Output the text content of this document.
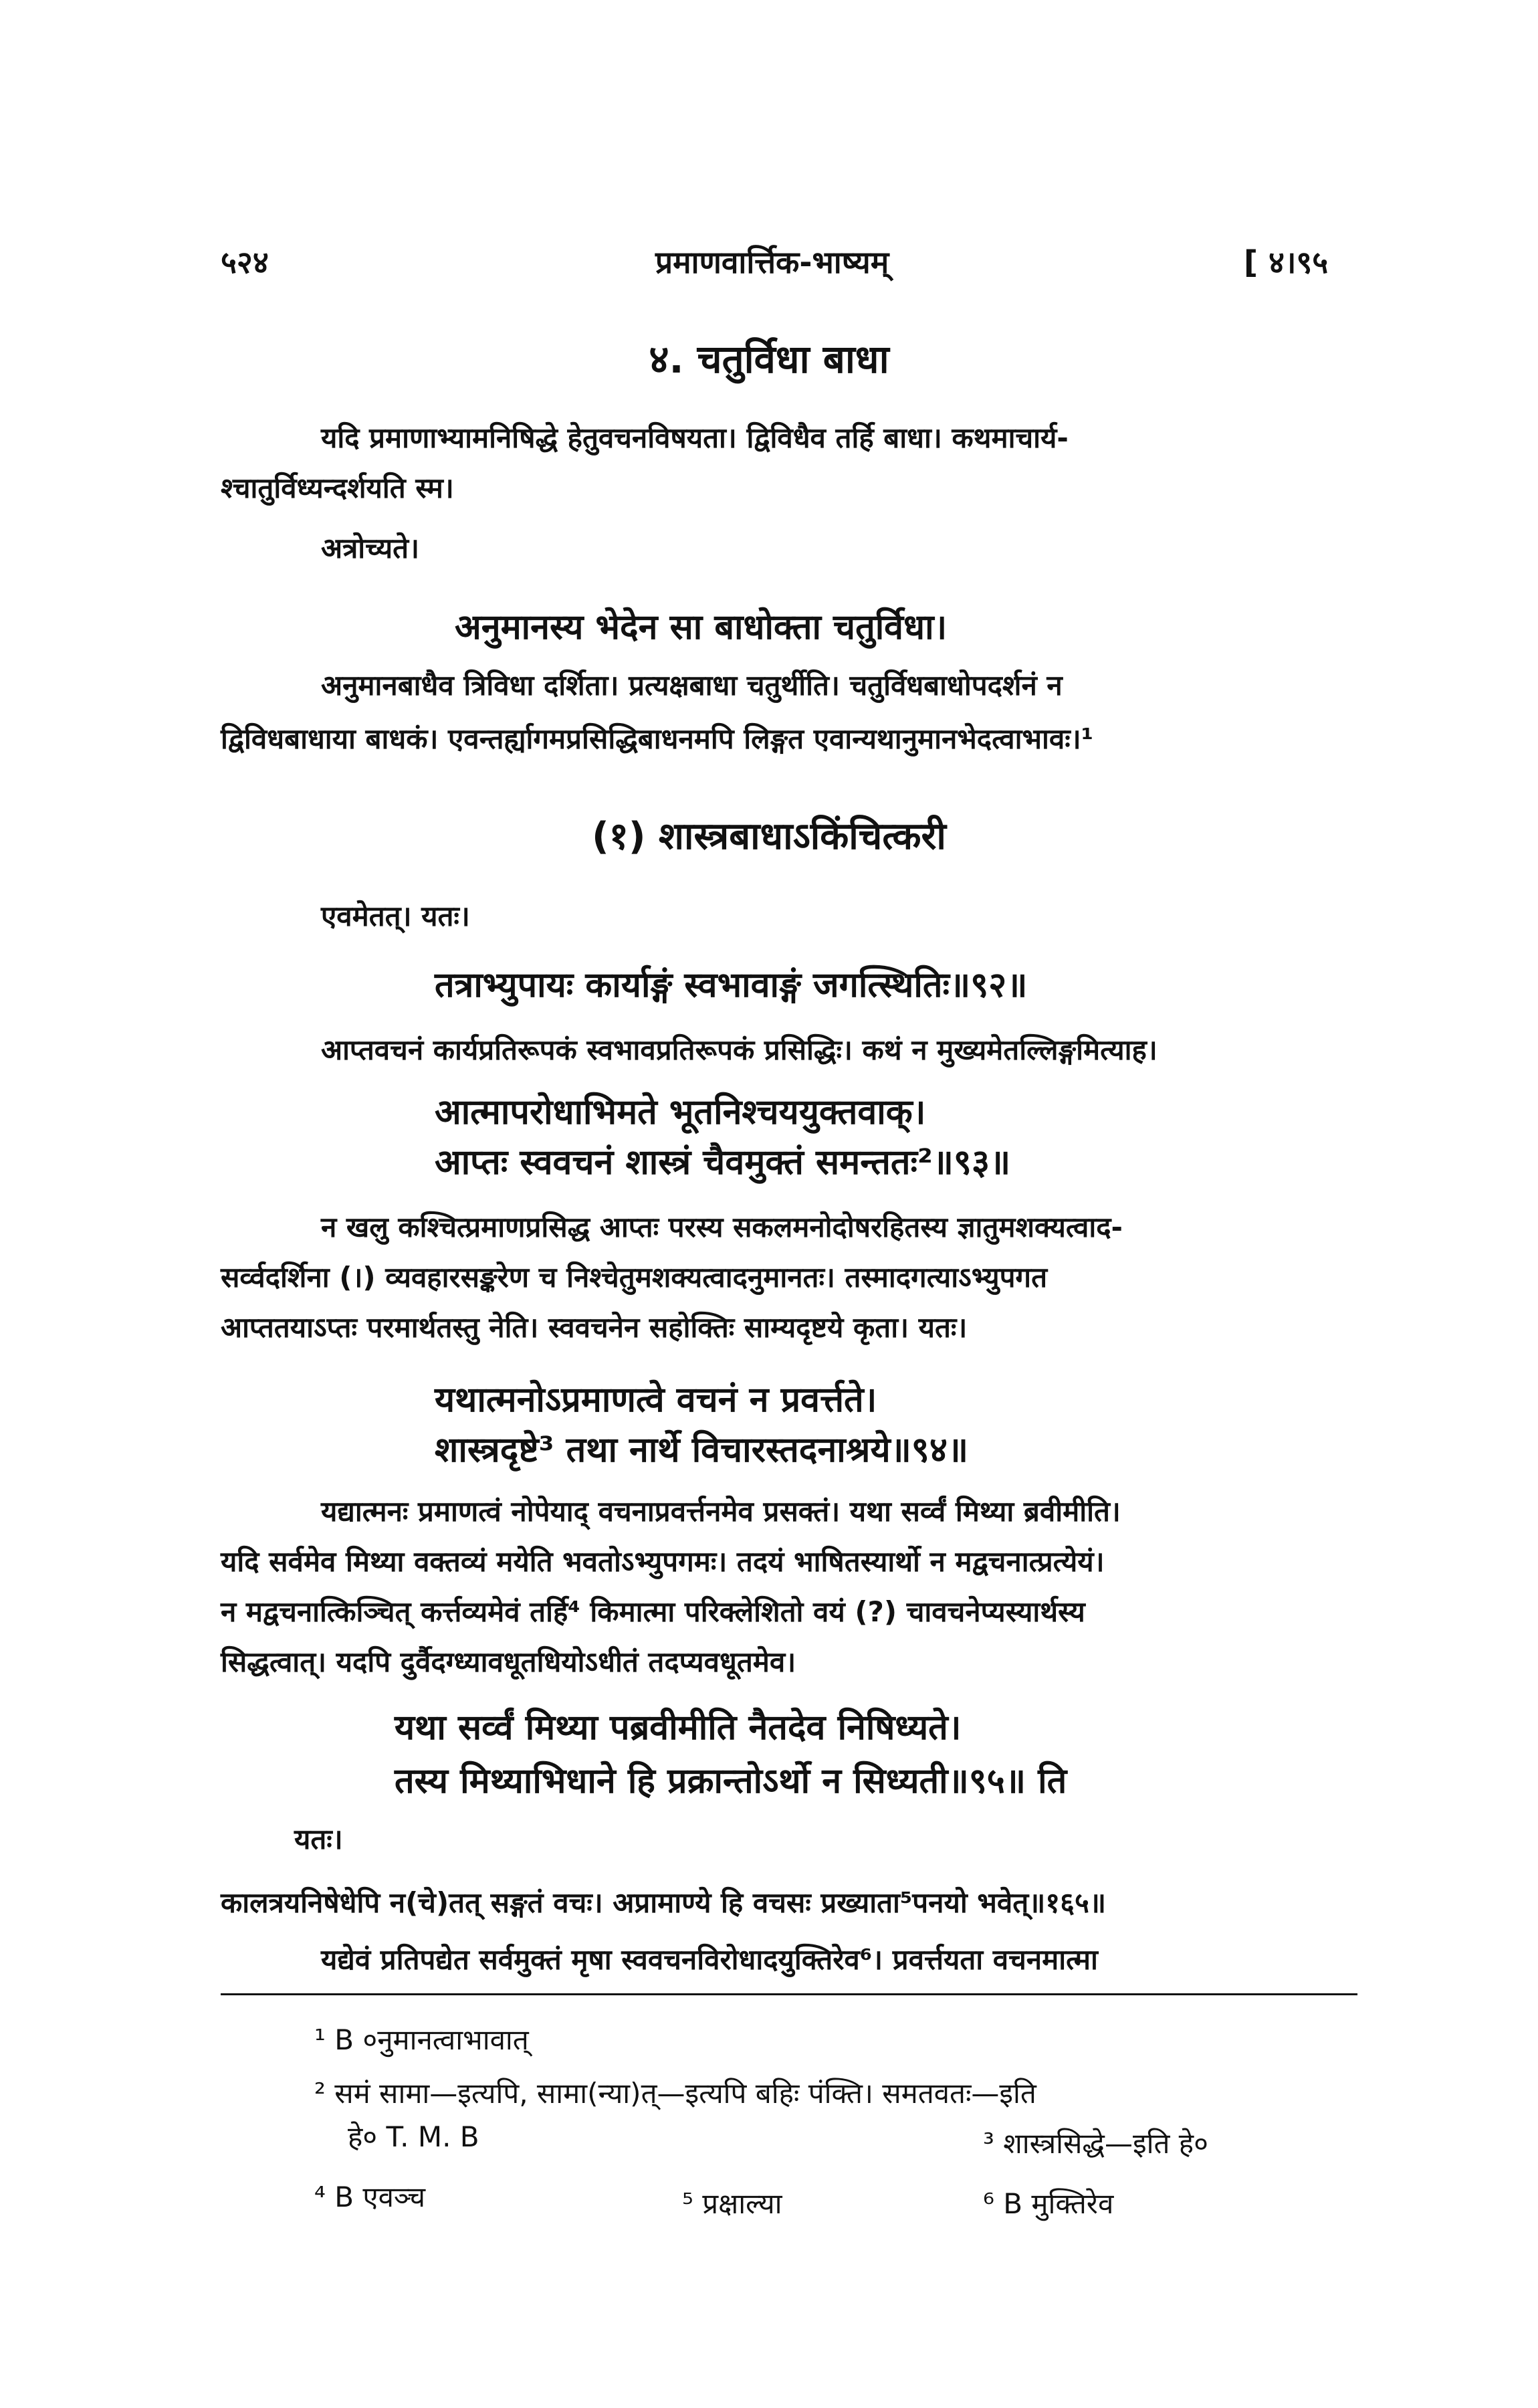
५२४	प्रमाणवार्त्तिक-भाष्यम्	[ ४।९५
४. चतुर्विधा बाधा
यदि प्रमाणाभ्यामनिषिद्धे हेतुवचनविषयता। द्विविधैव तर्हि बाधा। कथमाचार्य-
श्चातुर्विध्यन्दर्शयति स्म।
अत्रोच्यते।
अनुमानस्य भेदेन सा बाधोक्ता चतुर्विधा।
अनुमानबाधैव त्रिविधा दर्शिता। प्रत्यक्षबाधा चतुर्थीति। चतुर्विधबाधोपदर्शनं न
द्विविधबाधाया बाधकं। एवन्तर्ह्यागमप्रसिद्धिबाधनमपि लिङ्गत एवान्यथानुमानभेदत्वाभावः।¹
(१) शास्त्रबाधाऽकिंचित्करी
एवमेतत्। यतः।
तत्राभ्युपायः कार्याङ्गं स्वभावाङ्गं जगत्स्थितिः॥९२॥
आप्तवचनं कार्यप्रतिरूपकं स्वभावप्रतिरूपकं प्रसिद्धिः। कथं न मुख्यमेतल्लिङ्गमित्याह।
आत्मापरोधाभिमते भूतनिश्चययुक्तवाक्।
आप्तः स्ववचनं शास्त्रं चैवमुक्तं समन्ततः²॥९३॥
न खलु कश्चित्प्रमाणप्रसिद्ध आप्तः परस्य सकलमनोदोषरहितस्य ज्ञातुमशक्यत्वाद-
सर्व्वदर्शिना (।) व्यवहारसङ्करेण च निश्चेतुमशक्यत्वादनुमानतः। तस्मादगत्याऽभ्युपगत
आप्ततयाऽप्तः परमार्थतस्तु नेति। स्ववचनेन सहोक्तिः साम्यदृष्टये कृता। यतः।
यथात्मनोऽप्रमाणत्वे वचनं न प्रवर्त्तते।
शास्त्रदृष्टे³ तथा नार्थे विचारस्तदनाश्रये॥९४॥
यद्यात्मनः प्रमाणत्वं नोपेयाद् वचनाप्रवर्त्तनमेव प्रसक्तं। यथा सर्व्वं मिथ्या ब्रवीमीति।
यदि सर्वमेव मिथ्या वक्तव्यं मयेति भवतोऽभ्युपगमः। तदयं भाषितस्यार्थो न मद्वचनात्प्रत्येयं।
न मद्वचनात्किञ्चित् कर्त्तव्यमेवं तर्हि⁴ किमात्मा परिक्लेशितो वयं (?) चावचनेप्यस्यार्थस्य
सिद्धत्वात्। यदपि दुर्वैदग्ध्यावधूतधियोऽधीतं तदप्यवधूतमेव।
यथा सर्व्वं मिथ्या पब्रवीमीति नैतदेव निषिध्यते।
तस्य मिथ्याभिधाने हि प्रक्रान्तोऽर्थो न सिध्यती॥९५॥ ति
यतः।
कालत्रयनिषेधेपि न(चे)तत् सङ्गतं वचः। अप्रामाण्ये हि वचसः प्रख्याता⁵पनयो भवेत्॥१६५॥
यद्येवं प्रतिपद्येत सर्वमुक्तं मृषा स्ववचनविरोधादयुक्तिरेव⁶। प्रवर्त्तयता वचनमात्मा
¹ B ०नुमानत्वाभावात्
² समं सामा—इत्यपि, सामा(न्या)त्—इत्यपि बहिः पंक्ति। समतवतः—इति
हे० T. M. B	³ शास्त्रसिद्धे—इति हे०
⁴ B एवञ्च	⁵ प्रक्षाल्या	⁶ B मुक्तिरेव
